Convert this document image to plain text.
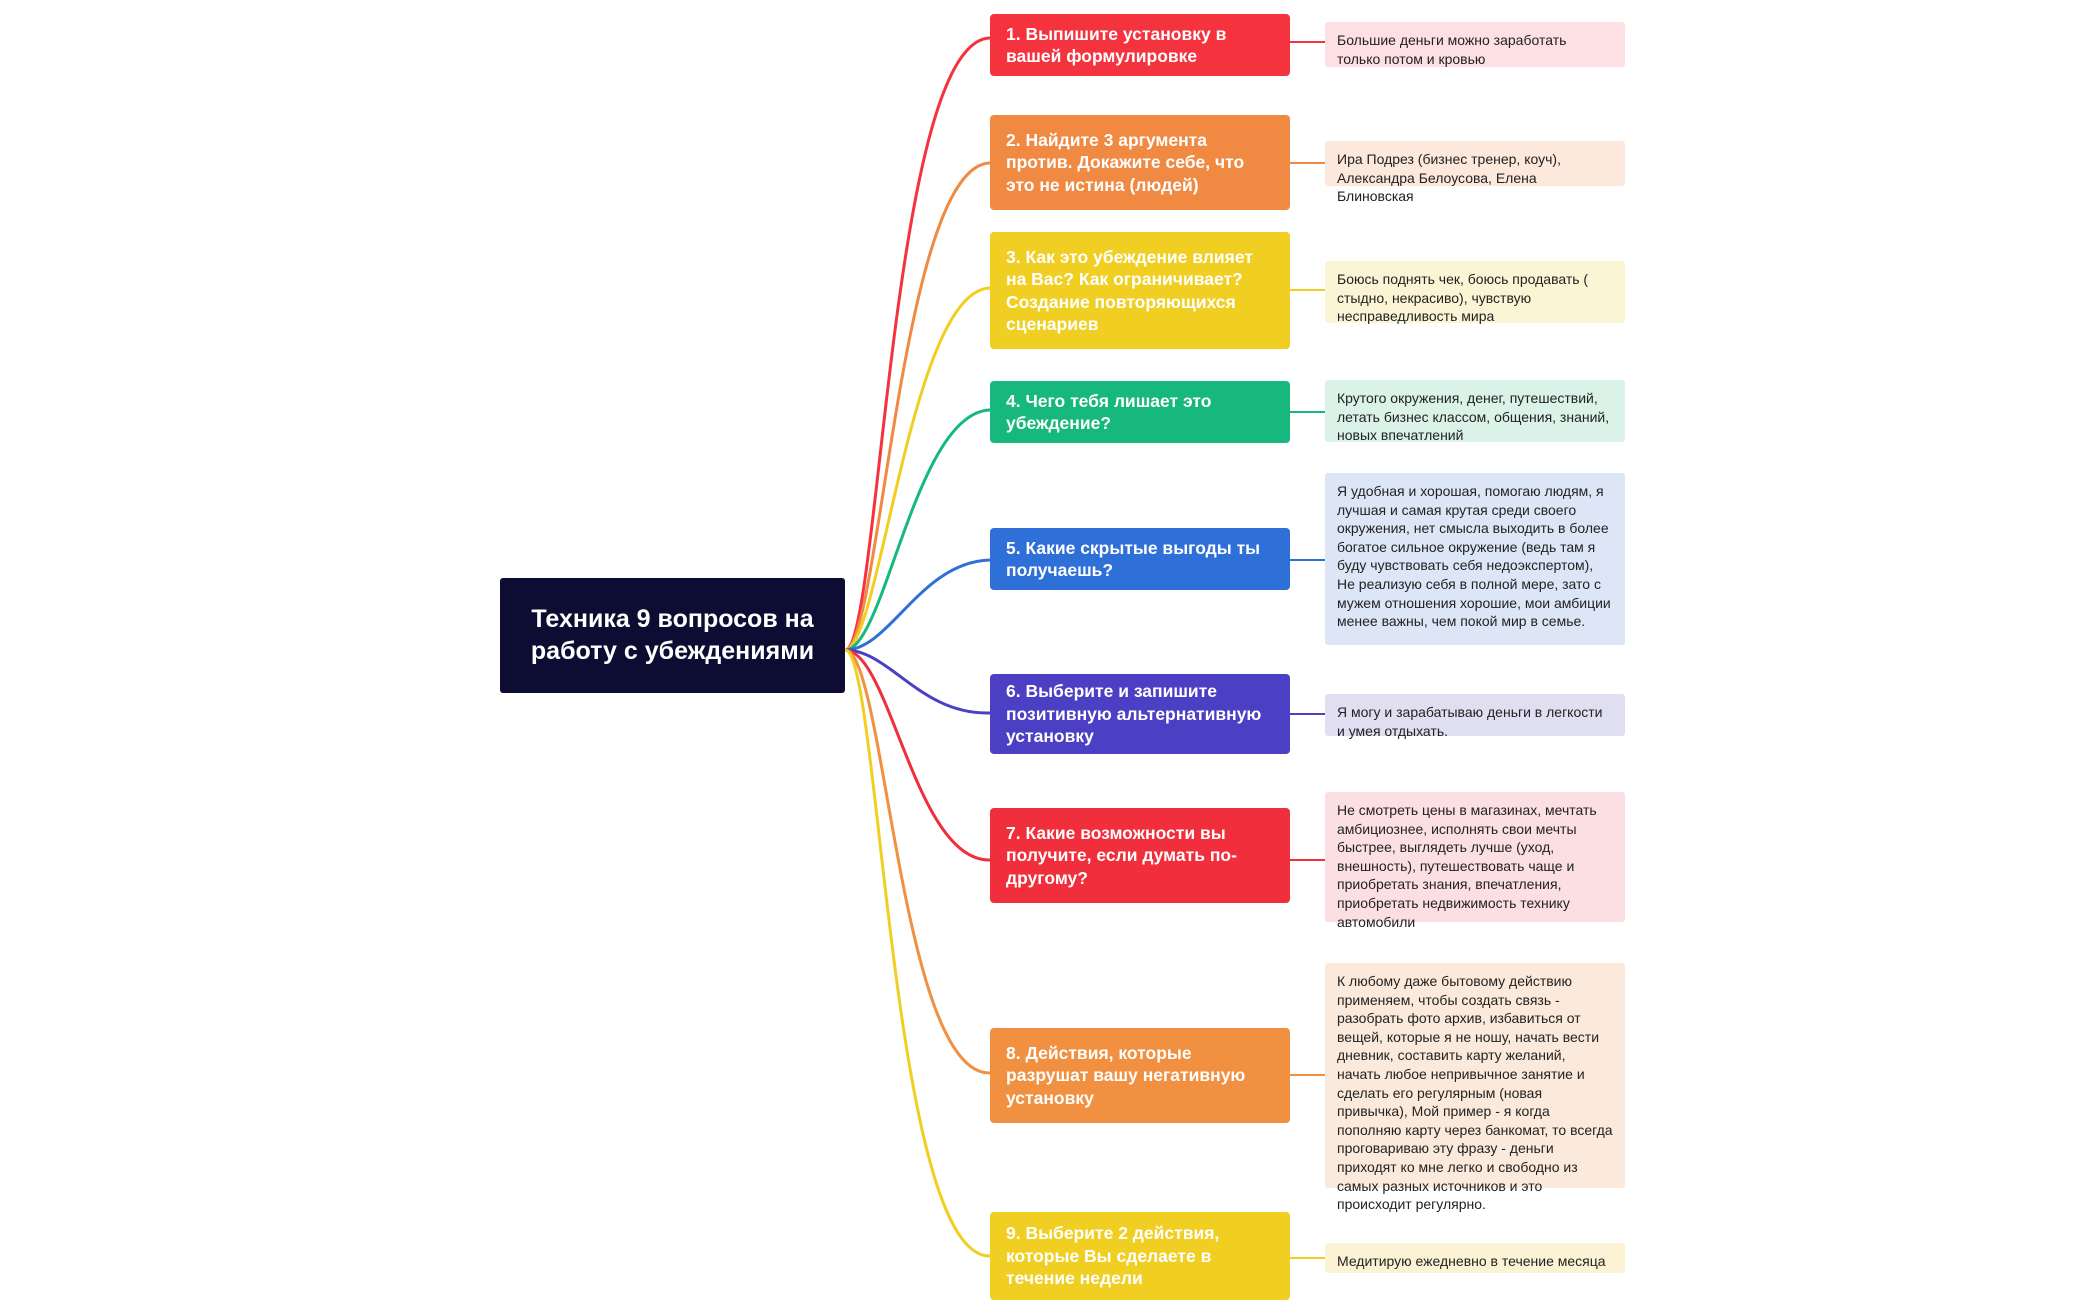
Техника 9 вопросов на работу с убеждениями
1. Выпишите установку в вашей формулировке
Большие деньги можно заработать только потом и кровью
2. Найдите 3 аргумента против. Докажите себе, что это не истина (людей)
Ира Подрез (бизнес тренер, коуч), Александра Белоусова, Елена Блиновская
3. Как это убеждение влияет на Вас? Как ограничивает? Создание повторяющихся сценариев
Боюсь поднять чек, боюсь продавать ( стыдно, некрасиво), чувствую несправедливость мира
4. Чего тебя лишает это убеждение?
Крутого окружения, денег, путешествий, летать бизнес классом, общения, знаний, новых впечатлений
5. Какие скрытые выгоды ты получаешь?
Я удобная и хорошая, помогаю людям, я лучшая и самая крутая среди своего окружения, нет смысла выходить в более богатое сильное окружение (ведь там я буду чувствовать себя недоэкспертом), Не реализую себя в полной мере, зато с мужем отношения хорошие, мои амбиции менее важны, чем покой мир в семье.
6. Выберите и запишите позитивную альтернативную установку
Я могу и зарабатываю деньги в легкости и умея отдыхать.
7. Какие возможности вы получите, если думать по-другому?
Не смотреть цены в магазинах, мечтать амбициознее, исполнять свои мечты быстрее, выглядеть лучше (уход, внешность), путешествовать чаще и приобретать знания, впечатления, приобретать недвижимость технику автомобили
8. Действия, которые разрушат вашу негативную установку
К любому даже бытовому действию применяем, чтобы создать связь - разобрать фото архив, избавиться от вещей, которые я не ношу, начать вести дневник, составить карту желаний, начать любое непривычное занятие и сделать его регулярным (новая привычка), Мой пример - я когда пополняю карту через банкомат, то всегда проговариваю эту фразу - деньги приходят ко мне легко и свободно из самых разных источников и это происходит регулярно.
9. Выберите 2 действия, которые Вы сделаете в течение недели
Медитирую ежедневно в течение месяца
